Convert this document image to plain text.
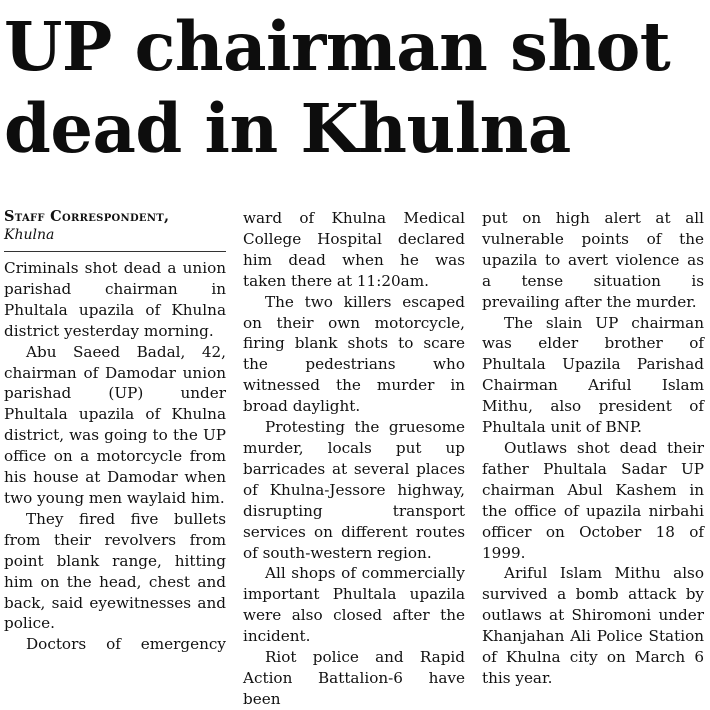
UP chairman shot dead in Khulna
Staff Correspondent,
Khulna

Criminals shot dead a union parishad chairman in Phultala upazila of Khulna district yesterday morning.

Abu Saeed Badal, 42, chairman of Damodar union parishad (UP) under Phultala upazila of Khulna district, was going to the UP office on a motorcycle from his house at Damodar when two young men waylaid him.

They fired five bullets from their revolvers from point blank range, hitting him on the head, chest and back, said eyewitnesses and police.

Doctors of emergency

ward of Khulna Medical College Hospital declared him dead when he was taken there at 11:20am.

The two killers escaped on their own motorcycle, firing blank shots to scare the pedestrians who witnessed the murder in broad daylight.

Protesting the gruesome murder, locals put up barricades at several places of Khulna-Jessore highway, disrupting transport services on different routes of south-western region.

All shops of commercially important Phultala upazila were also closed after the incident.

Riot police and Rapid Action Battalion-6 have been

put on high alert at all vulnerable points of the upazila to avert violence as a tense situation is prevailing after the murder.

The slain UP chairman was elder brother of Phultala Upazila Parishad Chairman Ariful Islam Mithu, also president of Phultala unit of BNP.

Outlaws shot dead their father Phultala Sadar UP chairman Abul Kashem in the office of upazila nirbahi officer on October 18 of 1999.

Ariful Islam Mithu also survived a bomb attack by outlaws at Shiromoni under Khanjahan Ali Police Station of Khulna city on March 6 this year.
